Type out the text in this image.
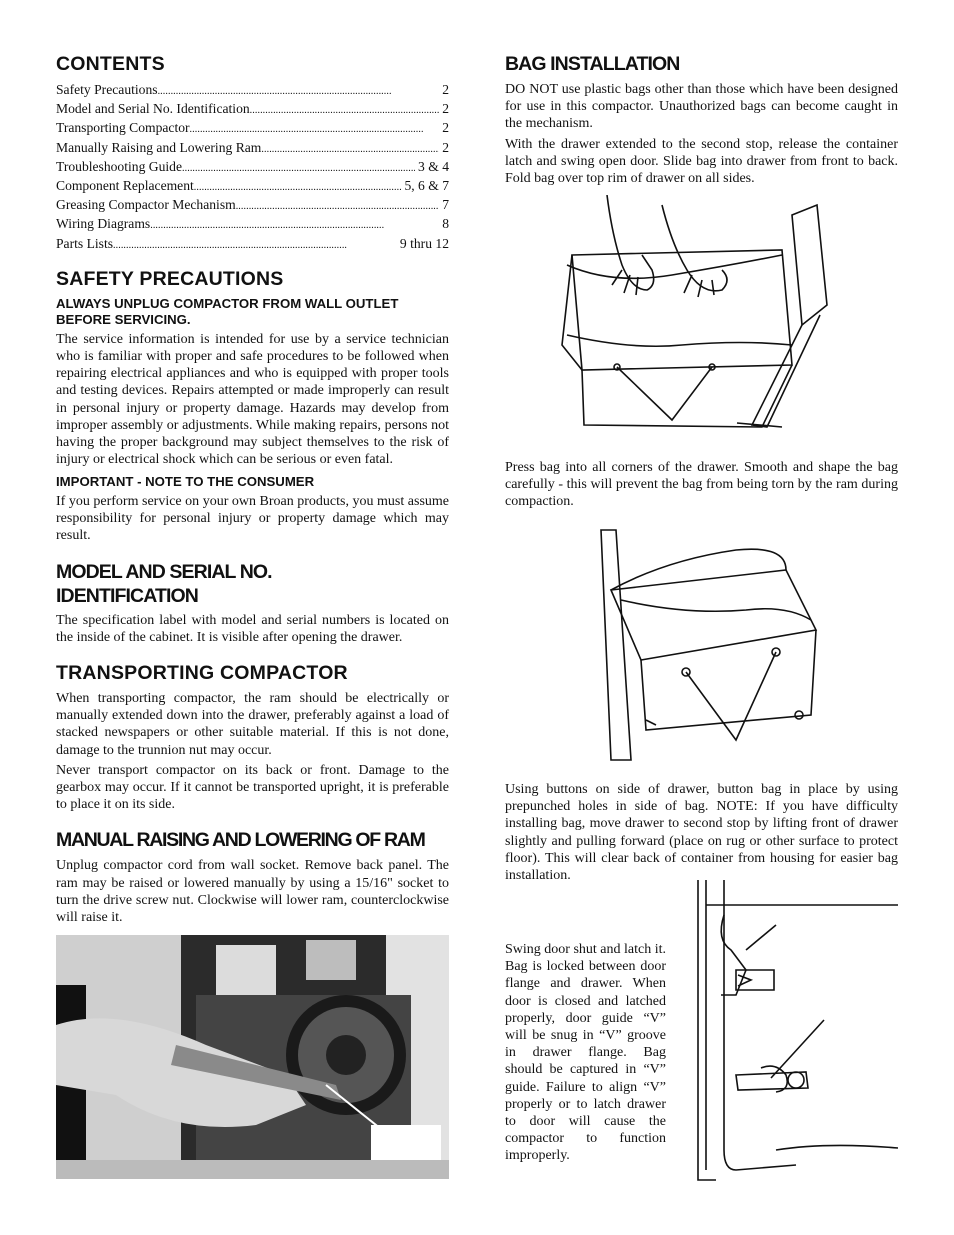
CONTENTS
Safety Precautions . . .	2
Model and Serial No. Identification . . .	2
Transporting Compactor . . .	2
Manually Raising and Lowering Ram . . .	2
Troubleshooting Guide . . .	3 & 4
Component Replacement . . .	5, 6 & 7
Greasing Compactor Mechanism . . .	7
Wiring Diagrams . . .	8
Parts Lists . . .	9 thru 12
SAFETY PRECAUTIONS
ALWAYS UNPLUG COMPACTOR FROM WALL OUTLET BEFORE SERVICING.

The service information is intended for use by a service technician who is familiar with proper and safe procedures to be followed when repairing electrical appliances and who is equipped with proper tools and testing devices. Repairs attempted or made improperly can result in personal injury or property damage. Hazards may develop from improper assembly or adjustments. While making repairs, persons not having the proper background may subject themselves to the risk of injury or electrical shock which can be serious or even fatal.

IMPORTANT - NOTE TO THE CONSUMER

If you perform service on your own Broan products, you must assume responsibility for personal injury or property damage which may result.

MODEL AND SERIAL NO.
IDENTIFICATION

The specification label with model and serial numbers is located on the inside of the cabinet. It is visible after opening the drawer.

TRANSPORTING COMPACTOR

When transporting compactor, the ram should be electrically or manually extended down into the drawer, preferably against a load of stacked newspapers or other suitable material. If this is not done, damage to the trunnion nut may occur.

Never transport compactor on its back or front. Damage to the gearbox may occur. If it cannot be transported upright, it is preferable to place it on its side.

MANUAL RAISING AND LOWERING OF RAM

Unplug compactor cord from wall socket. Remove back panel. The ram may be raised or lowered manually by using a 15/16" socket to turn the drive screw nut. Clockwise will lower ram, counterclockwise will raise it.

BAG INSTALLATION

DO NOT use plastic bags other than those which have been designed for use in this compactor. Unauthorized bags can become caught in the mechanism.

With the drawer extended to the second stop, release the container latch and swing open door. Slide bag into drawer from front to back. Fold bag over top rim of drawer on all sides.

Press bag into all corners of the drawer. Smooth and shape the bag carefully - this will prevent the bag from being torn by the ram during compaction.

Using buttons on side of drawer, button bag in place by using prepunched holes in side of bag. NOTE: If you have difficulty installing bag, move drawer to second stop by lifting front of drawer slightly and pulling forward (place on rug or other surface to protect floor). This will clear back of container from housing for easier bag installation.

Swing door shut and latch it. Bag is locked between door flange and drawer. When door is closed and latched properly, door guide “V” will be snug in “V” groove in drawer flange. Bag should be captured in “V” guide. Failure to align “V” properly or to latch drawer to door will cause the compactor to function improperly.
